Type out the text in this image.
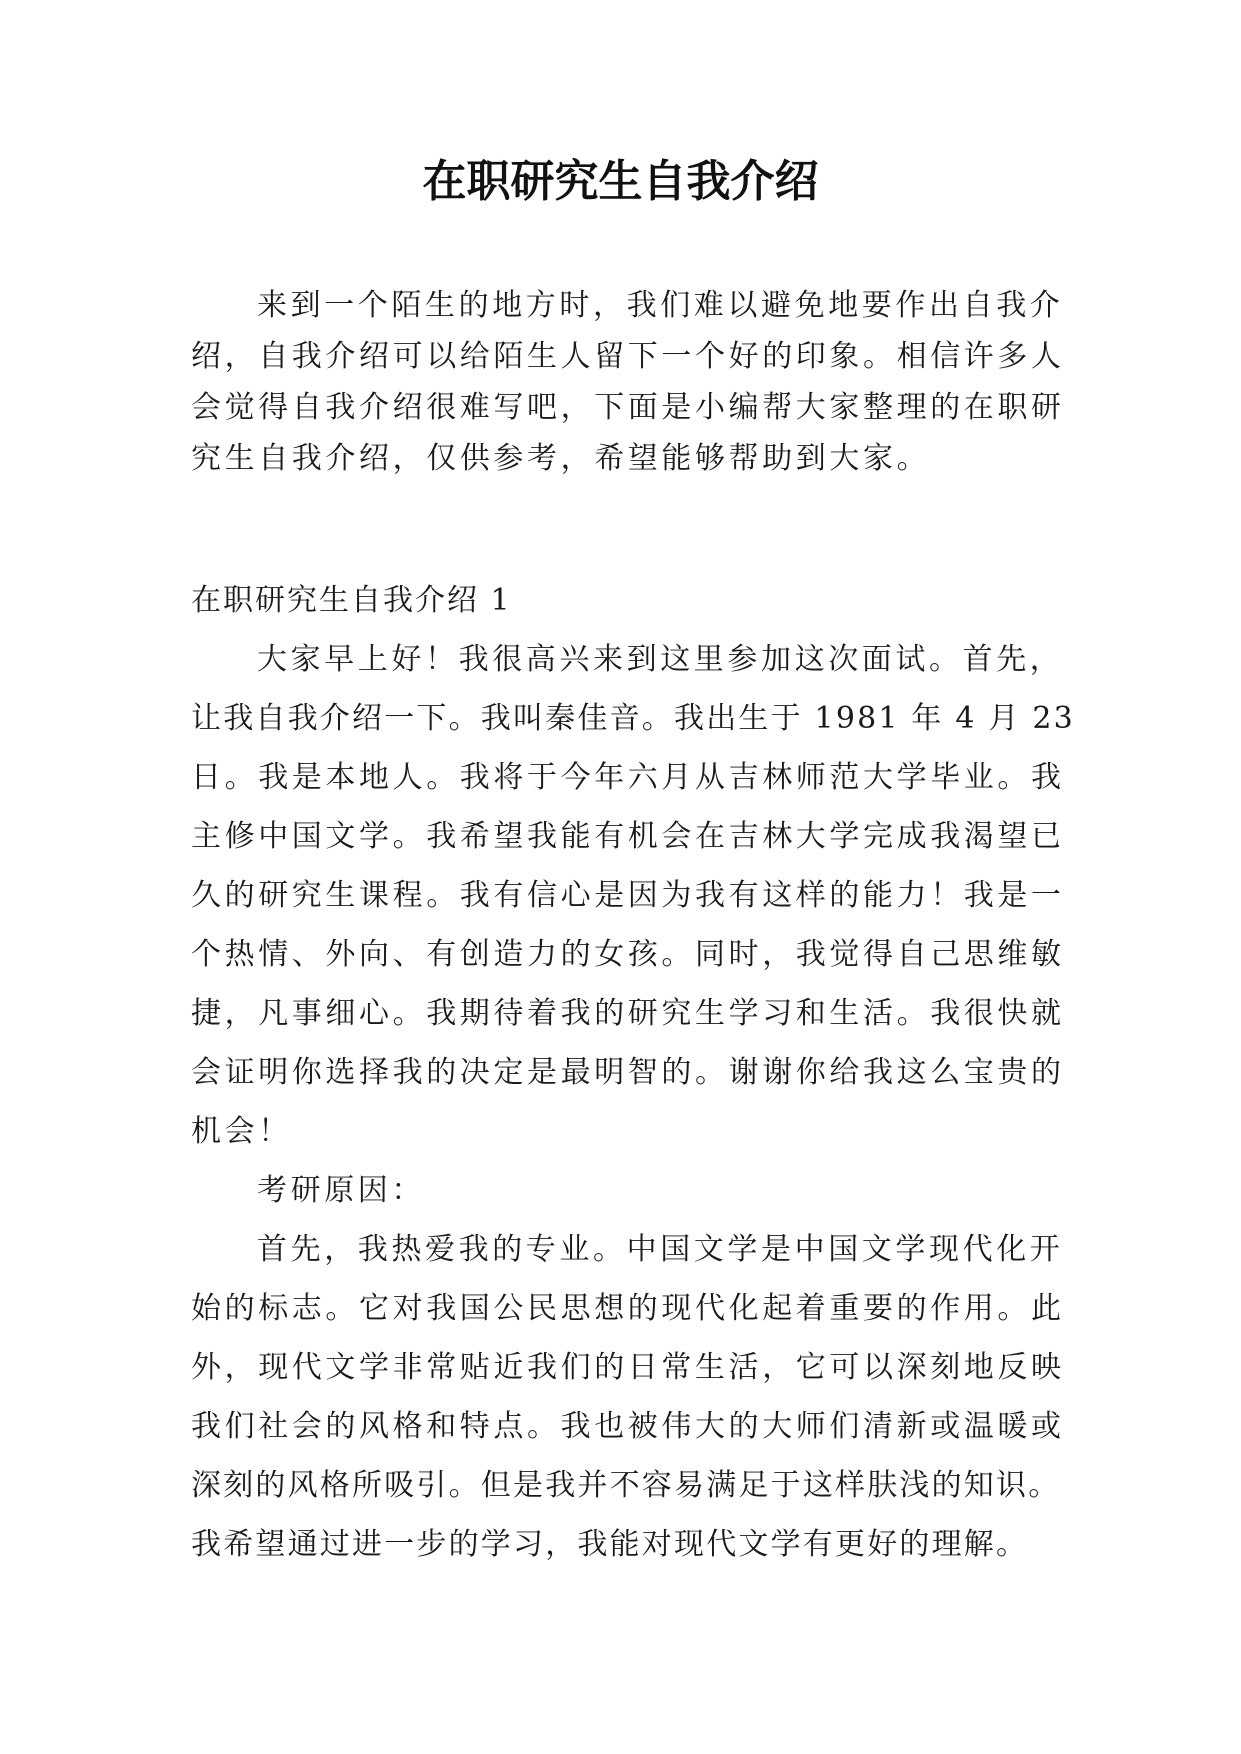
在职研究生自我介绍

来到一个陌生的地方时，我们难以避免地要作出自我介

绍，自我介绍可以给陌生人留下一个好的印象。相信许多人

会觉得自我介绍很难写吧，下面是小编帮大家整理的在职研

究生自我介绍，仅供参考，希望能够帮助到大家。

在职研究生自我介绍 1

大家早上好！我很高兴来到这里参加这次面试。首先，

让我自我介绍一下。我叫秦佳音。我出生于 1981 年 4 月 23

日。我是本地人。我将于今年六月从吉林师范大学毕业。我

主修中国文学。我希望我能有机会在吉林大学完成我渴望已

久的研究生课程。我有信心是因为我有这样的能力！我是一

个热情、外向、有创造力的女孩。同时，我觉得自己思维敏

捷，凡事细心。我期待着我的研究生学习和生活。我很快就

会证明你选择我的决定是最明智的。谢谢你给我这么宝贵的

机会！

考研原因：

首先，我热爱我的专业。中国文学是中国文学现代化开

始的标志。它对我国公民思想的现代化起着重要的作用。此

外，现代文学非常贴近我们的日常生活，它可以深刻地反映

我们社会的风格和特点。我也被伟大的大师们清新或温暖或

深刻的风格所吸引。但是我并不容易满足于这样肤浅的知识。

我希望通过进一步的学习，我能对现代文学有更好的理解。
